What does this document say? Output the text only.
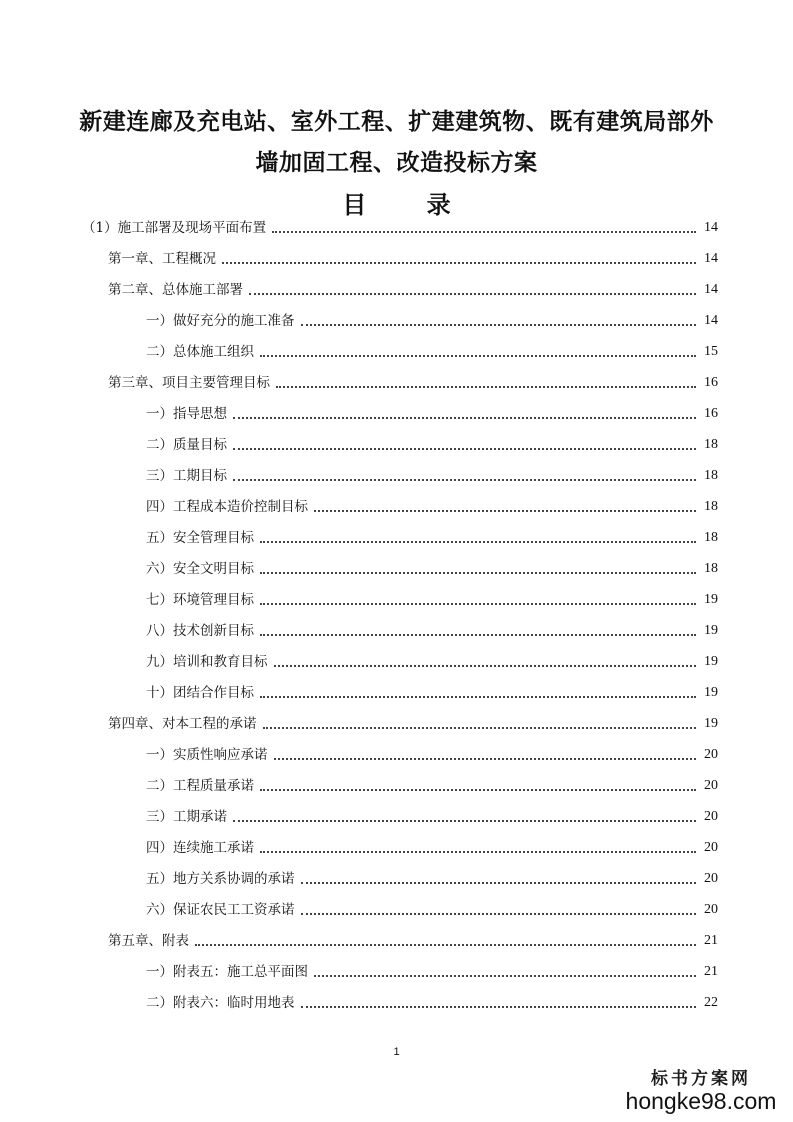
新建连廊及充电站、室外工程、扩建建筑物、既有建筑局部外
墙加固工程、改造投标方案
目 录
（1）施工部署及现场平面布置	14
第一章、工程概况	14
第二章、总体施工部署	14
一）做好充分的施工准备	14
二）总体施工组织	15
第三章、项目主要管理目标	16
一）指导思想	16
二）质量目标	18
三）工期目标	18
四）工程成本造价控制目标	18
五）安全管理目标	18
六）安全文明目标	18
七）环境管理目标	19
八）技术创新目标	19
九）培训和教育目标	19
十）团结合作目标	19
第四章、对本工程的承诺	19
一）实质性响应承诺	20
二）工程质量承诺	20
三）工期承诺	20
四）连续施工承诺	20
五）地方关系协调的承诺	20
六）保证农民工工资承诺	20
第五章、附表	21
一）附表五：施工总平面图	21
二）附表六：临时用地表	22
1
标书方案网
hongke98.com
